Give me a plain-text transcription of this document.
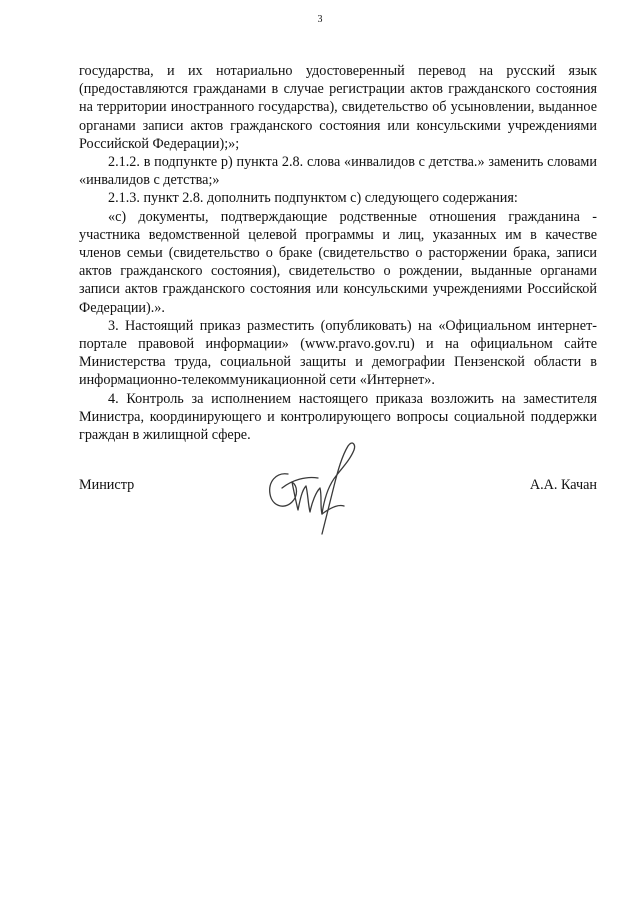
3

государства, и их нотариально удостоверенный перевод на русский язык (предоставляются гражданами в случае регистрации актов гражданского состояния на территории иностранного государства), свидетельство об усыновлении, выданное органами записи актов гражданского состояния или консульскими учреждениями Российской Федерации);»;

2.1.2. в подпункте р) пункта 2.8. слова «инвалидов с детства.» заменить словами «инвалидов с детства;»

2.1.3. пункт 2.8. дополнить подпунктом с) следующего содержания:

«с) документы, подтверждающие родственные отношения гражданина - участника ведомственной целевой программы и лиц, указанных им в качестве членов семьи (свидетельство о браке (свидетельство о расторжении брака, записи актов гражданского состояния), свидетельство о рождении, выданные органами записи актов гражданского состояния или консульскими учреждениями Российской Федерации).».

3. Настоящий приказ разместить (опубликовать) на «Официальном интернет-портале правовой информации» (www.pravo.gov.ru) и на официальном сайте Министерства труда, социальной защиты и демографии Пензенской области в информационно-телекоммуникационной сети «Интернет».

4. Контроль за исполнением настоящего приказа возложить на заместителя Министра, координирующего и контролирующего вопросы социальной поддержки граждан в жилищной сфере.

Министр	А.А. Качан
